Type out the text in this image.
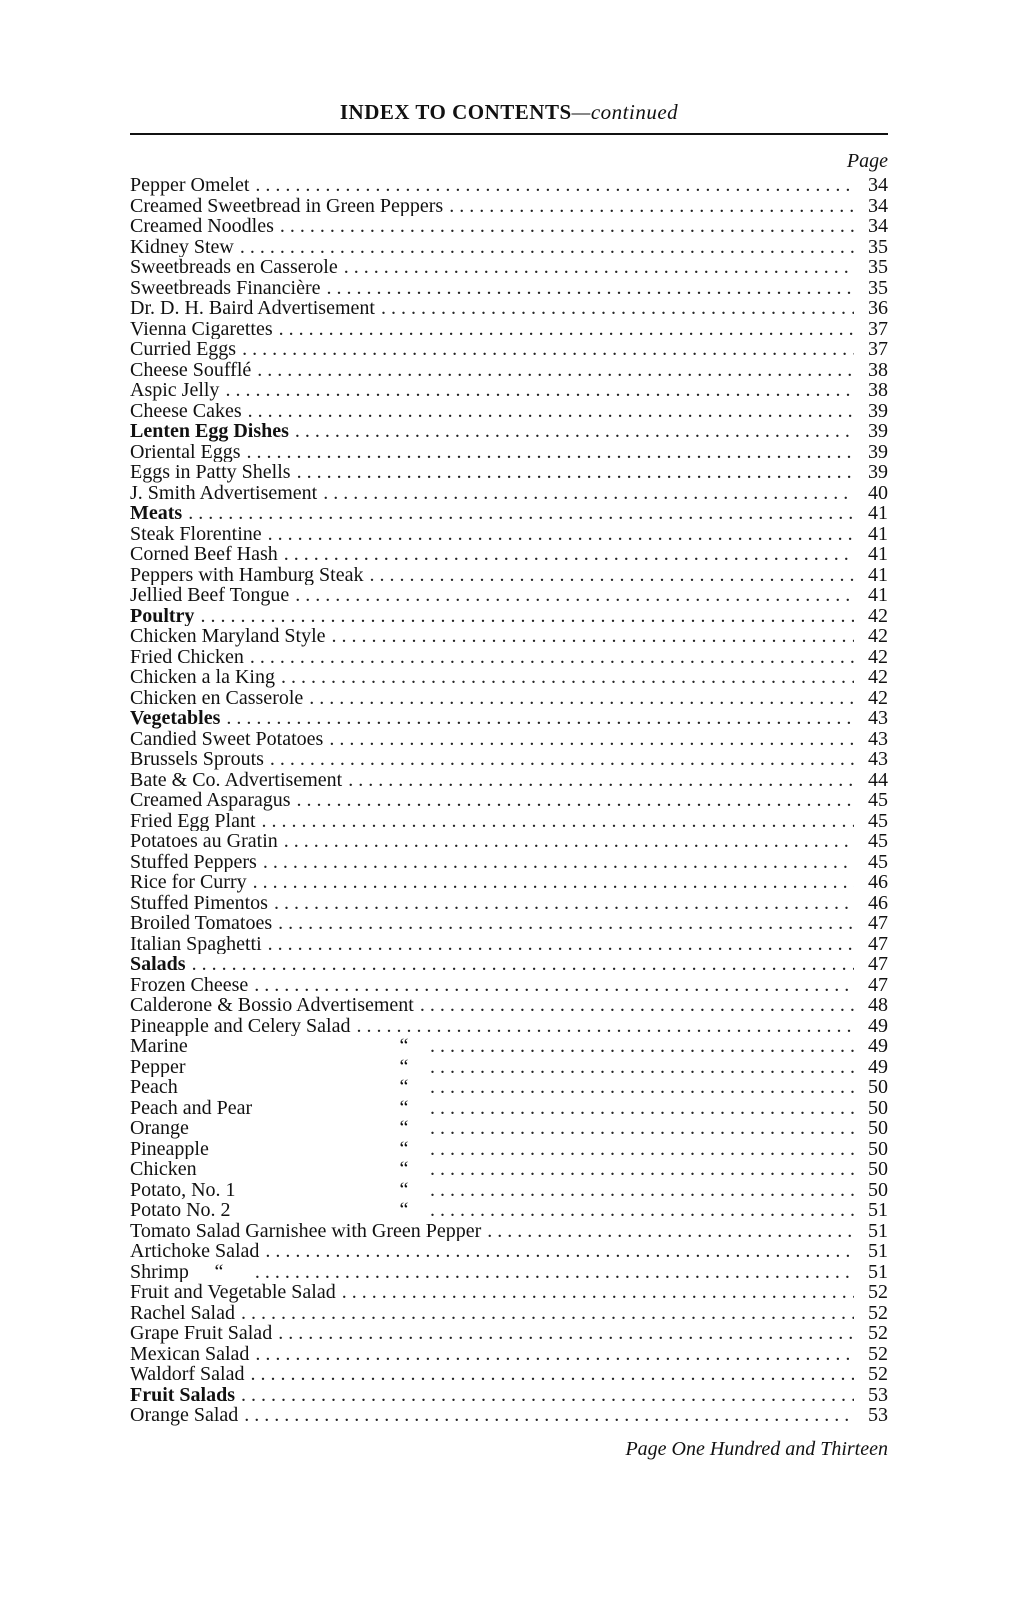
INDEX TO CONTENTS—continued
Page
Pepper Omelet . . .	34
Creamed Sweetbread in Green Peppers . . .	34
Creamed Noodles . . .	34
Kidney Stew . . .	35
Sweetbreads en Casserole . . .	35
Sweetbreads Financière . . .	35
Dr. D. H. Baird Advertisement . . .	36
Vienna Cigarettes . . .	37
Curried Eggs . . .	37
Cheese Soufflé . . .	38
Aspic Jelly . . .	38
Cheese Cakes . . .	39
Lenten Egg Dishes . . .	39
Oriental Eggs . . .	39
Eggs in Patty Shells . . .	39
J. Smith Advertisement . . .	40
Meats . . .	41
Steak Florentine . . .	41
Corned Beef Hash . . .	41
Peppers with Hamburg Steak . . .	41
Jellied Beef Tongue . . .	41
Poultry . . .	42
Chicken Maryland Style . . .	42
Fried Chicken . . .	42
Chicken a la King . . .	42
Chicken en Casserole . . .	42
Vegetables . . .	43
Candied Sweet Potatoes . . .	43
Brussels Sprouts . . .	43
Bate & Co. Advertisement . . .	44
Creamed Asparagus . . .	45
Fried Egg Plant . . .	45
Potatoes au Gratin . . .	45
Stuffed Peppers . . .	45
Rice for Curry . . .	46
Stuffed Pimentos . . .	46
Broiled Tomatoes . . .	47
Italian Spaghetti . . .	47
Salads . . .	47
Frozen Cheese . . .	47
Calderone & Bossio Advertisement . . .	48
Pineapple and Celery Salad . . .	49
Marine	“ . . .	49
Pepper	“ . . .	49
Peach	“ . . .	50
Peach and Pear	“ . . .	50
Orange	“ . . .	50
Pineapple	“ . . .	50
Chicken	“ . . .	50
Potato, No. 1	“ . . .	50
Potato No. 2	“ . . .	51
Tomato Salad Garnishee with Green Pepper . . .	51
Artichoke Salad . . .	51
Shrimp	“ . . .	51
Fruit and Vegetable Salad . . .	52
Rachel Salad . . .	52
Grape Fruit Salad . . .	52
Mexican Salad . . .	52
Waldorf Salad . . .	52
Fruit Salads . . .	53
Orange Salad . . .	53
Page One Hundred and Thirteen
